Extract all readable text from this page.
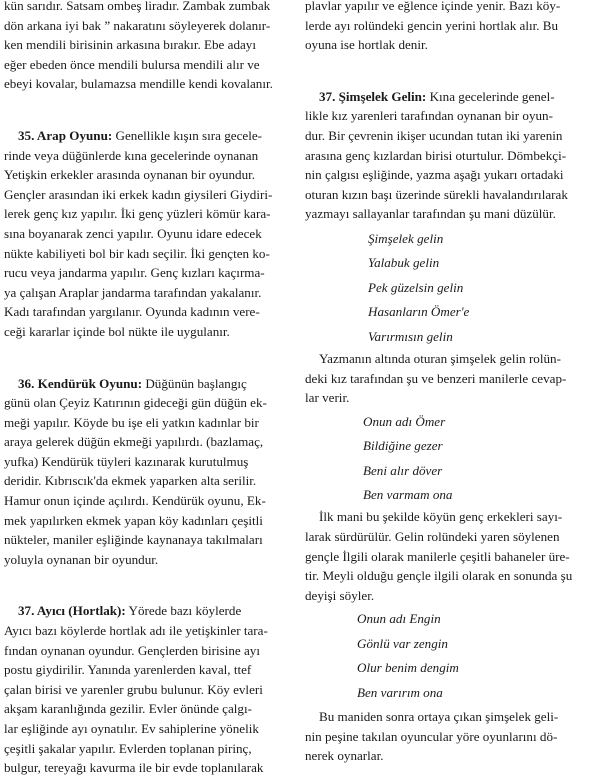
kün sarıdır. Satsam ombeş liradır. Zambak zumbak
dön arkana iyi bak ” nakaratını söyleyerek dolanır-
ken mendili birisinin arkasına bırakır. Ebe adayı
eğer ebeden önce mendili bulursa mendili alır ve
ebeyi kovalar, bulamazsa mendille kendi kovalanır.

35. Arap Oyunu: Genellikle kışın sıra gecele-
rinde veya düğünlerde kına gecelerinde oynanan
Yetişkin erkekler arasında oynanan bir oyundur.
Gençler arasından iki erkek kadın giysileri Giydiri-
lerek genç kız yapılır. İki genç yüzleri kömür kara-
sına boyanarak zenci yapılır. Oyunu idare edecek
nükte kabiliyeti bol bir kadı seçilir. İki gençten ko-
rucu veya jandarma yapılır. Genç kızları kaçırma-
ya çalışan Araplar jandarma tarafından yakalanır.
Kadı tarafından yargılanır. Oyunda kadının vere-
ceği kararlar içinde bol nükte ile uygulanır.

36. Kendürük Oyunu: Düğünün başlangıç
günü olan Çeyiz Katırının gideceği gün düğün ek-
meği yapılır. Köyde bu işe eli yatkın kadınlar bir
araya gelerek düğün ekmeği yapılırdı. (bazlamaç,
yufka) Kendürük tüyleri kazınarak kurutulmuş
deridir. Kıbrıscık'da ekmek yaparken alta serilir.
Hamur onun içinde açılırdı. Kendürük oyunu, Ek-
mek yapılırken ekmek yapan köy kadınları çeşitli
nükteler, maniler eşliğinde kaynanaya takılmaları
yoluyla oynanan bir oyundur.

37. Ayıcı (Hortlak): Yörede bazı köylerde
Ayıcı bazı köylerde hortlak adı ile yetişkinler tara-
fından oynanan oyundur. Gençlerden birisine ayı
postu giydirilir. Yanında yarenlerden kaval, ttef
çalan birisi ve yarenler grubu bulunur. Köy evleri
akşam karanlığında gezilir. Evler önünde çalgı-
lar eşliğinde ayı oynatılır. Ev sahiplerine yönelik
çeşitli şakalar yapılır. Evlerden toplanan pirinç,
bulgur, tereyağı kavurma ile bir evde toplanılarak

plavlar yapılır ve eğlence içinde yenir. Bazı köy-
lerde ayı rolündeki gencin yerini hortlak alır. Bu
oyuna ise hortlak denir.

37. Şimşelek Gelin: Kına gecelerinde genel-
likle kız yarenleri tarafından oynanan bir oyun-
dur. Bir çevrenin ikişer ucundan tutan iki yarenin
arasına genç kızlardan birisi oturtulur. Dömbekçi-
nin çalgısı eşliğinde, yazma aşağı yukarı ortadaki
oturan kızın başı üzerinde sürekli havalandırılarak
yazmayı sallayanlar tarafından şu mani düzülür.

Şimşelek gelin
Yalabuk gelin
Pek güzelsin gelin
Hasanların Ömer'e
Varırmısın gelin

Yazmanın altında oturan şimşelek gelin rolün-
deki kız tarafından şu ve benzeri manilerle cevap-
lar verir.

Onun adı Ömer
Bildiğine gezer
Beni alır döver
Ben varmam ona

İlk mani bu şekilde köyün genç erkekleri sayı-
larak sürdürülür. Gelin rolündeki yaren söylenen
gençle İlgili olarak manilerle çeşitli bahaneler üre-
tir. Meyli olduğu gençle ilgili olarak en sonunda şu
deyişi söyler.

Onun adı Engin
Gönlü var zengin
Olur benim dengim
Ben varırım ona

Bu maniden sonra ortaya çıkan şimşelek geli-
nin peşine takılan oyuncular yöre oyunlarını dö-
nerek oynarlar.
